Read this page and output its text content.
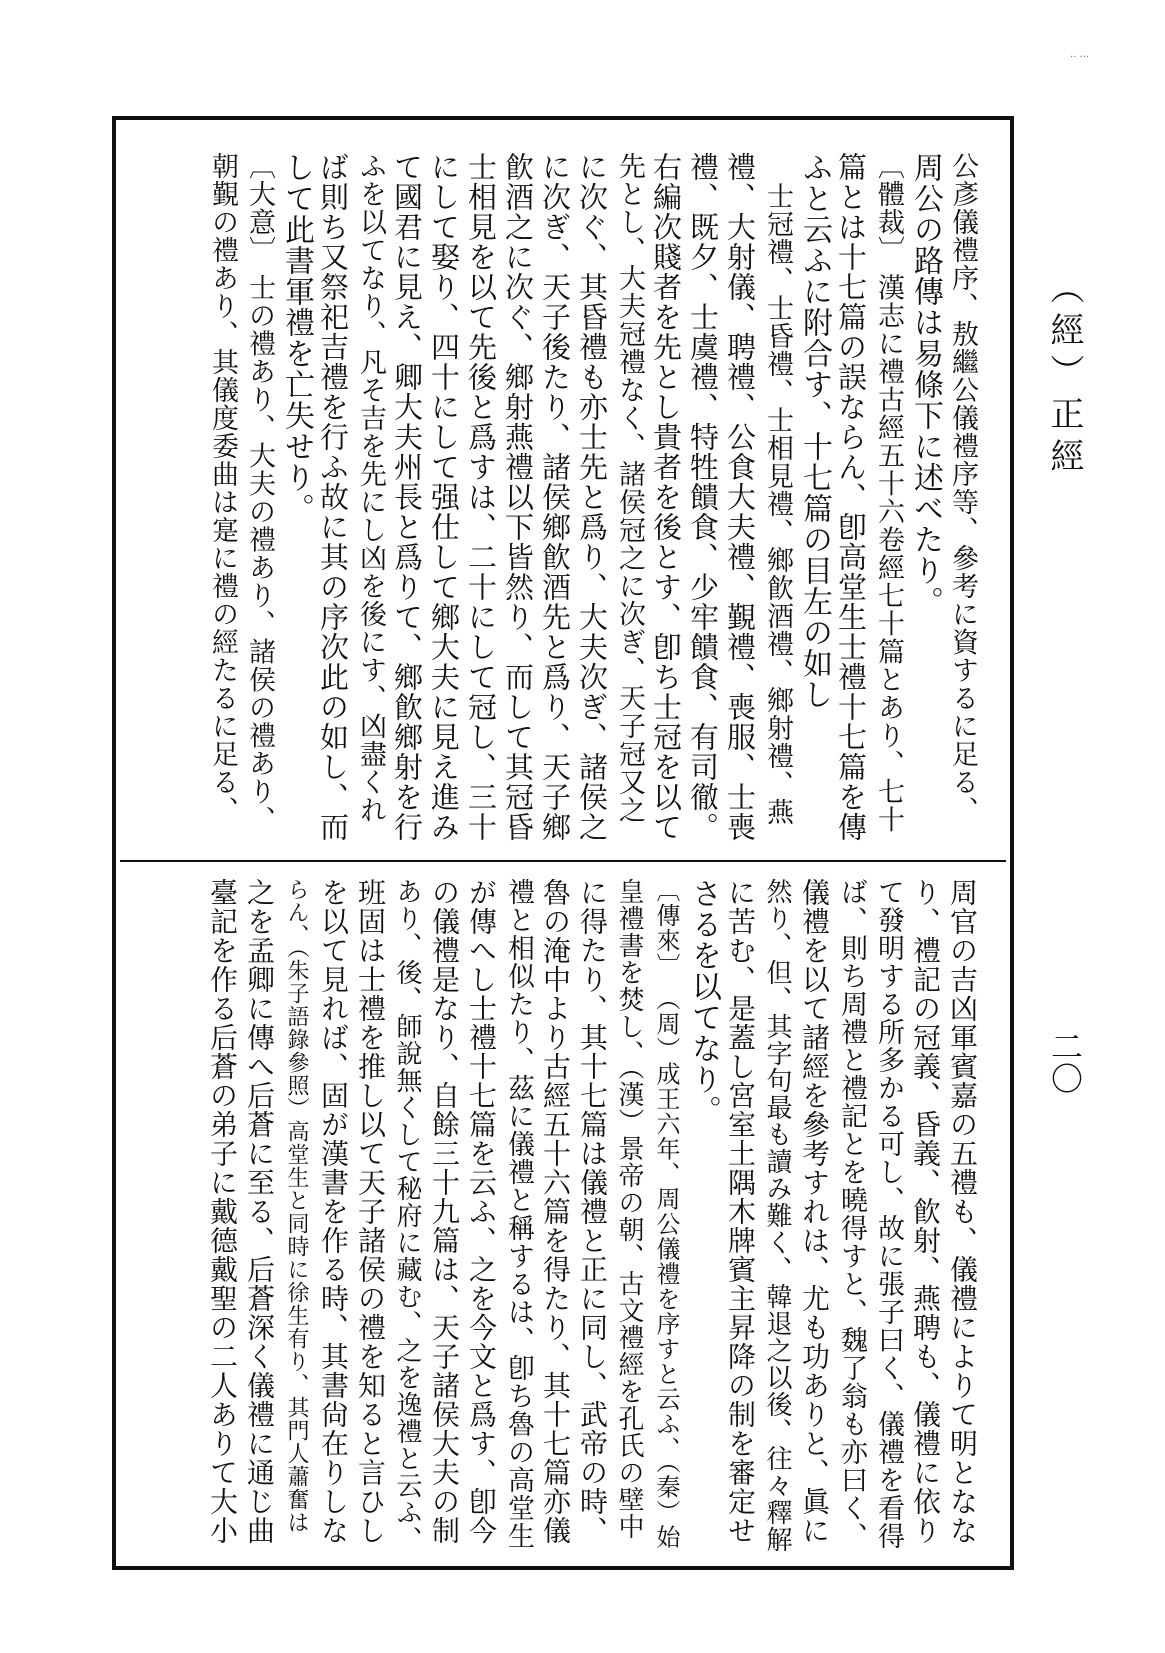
·· ···
（經）正經
二〇
公彥儀禮序、敖繼公儀禮序等、參考に資するに足る、
周公の路傳は易條下に述べたり。
〔體裁〕 漢志に禮古經五十六卷經七十篇とあり、七十
篇とは十七篇の誤ならん、卽高堂生士禮十七篇を傳
ふと云ふに附合す、十七篇の目左の如し
士冠禮、士昏禮、士相見禮、鄉飮酒禮、鄉射禮、燕
禮、大射儀、聘禮、公食大夫禮、覲禮、喪服、士喪
禮、既夕、士虞禮、特牲饋食、少牢饋食、有司徹。
右編次賤者を先とし貴者を後とす、卽ち士冠を以て
先とし、大夫冠禮なく、諸侯冠之に次ぎ、天子冠又之
に次ぐ、其昏禮も亦士先と爲り、大夫次ぎ、諸侯之
に次ぎ、天子後たり、諸侯鄉飮酒先と爲り、天子鄉
飮酒之に次ぐ、鄉射燕禮以下皆然り、而して其冠昏
士相見を以て先後と爲すは、二十にして冠し、三十
にして娶り、四十にして强仕して鄉大夫に見え進み
て國君に見え、卿大夫州長と爲りて、鄉飮鄉射を行
ふを以てなり、凡そ吉を先にし凶を後にす、凶盡くれ
ば則ち又祭祀吉禮を行ふ故に其の序次此の如し、而
して此書軍禮を亡失せり。
〔大意〕 士の禮あり、大夫の禮あり、諸侯の禮あり、
朝覲の禮あり、其儀度委曲は寔に禮の經たるに足る、
周官の吉凶軍賓嘉の五禮も、儀禮によりて明となな
り、禮記の冠義、昏義、飮射、燕聘も、儀禮に依り
て發明する所多かる可し、故に張子曰く、儀禮を看得
ば、則ち周禮と禮記とを曉得すと、魏了翁も亦曰く、
儀禮を以て諸經を參考すれは、尤も功ありと、眞に
然り、但、其字句最も讀み難く、韓退之以後、往々釋解
に苦む、是蓋し宮室土隅木牌賓主昇降の制を審定せ
さるを以てなり。
〔傳來〕 （周）成王六年、周公儀禮を序すと云ふ、（秦）始
皇禮書を焚し、（漢）景帝の朝、古文禮經を孔氏の壁中
に得たり、其十七篇は儀禮と正に同し、武帝の時、
魯の淹中より古經五十六篇を得たり、其十七篇亦儀
禮と相似たり、茲に儀禮と稱するは、卽ち魯の高堂生
が傳へし士禮十七篇を云ふ、之を今文と爲す、卽今
の儀禮是なり、自餘三十九篇は、天子諸侯大夫の制
あり、後、師說無くして秘府に藏む、之を逸禮と云ふ、
班固は士禮を推し以て天子諸侯の禮を知ると言ひし
を以て見れば、固が漢書を作る時、其書尙在りしな
らん、（朱子語錄參照）高堂生と同時に徐生有り、其門人蕭奮は
之を孟卿に傳へ后蒼に至る、后蒼深く儀禮に通じ曲
臺記を作る后蒼の弟子に戴德戴聖の二人ありて大小
